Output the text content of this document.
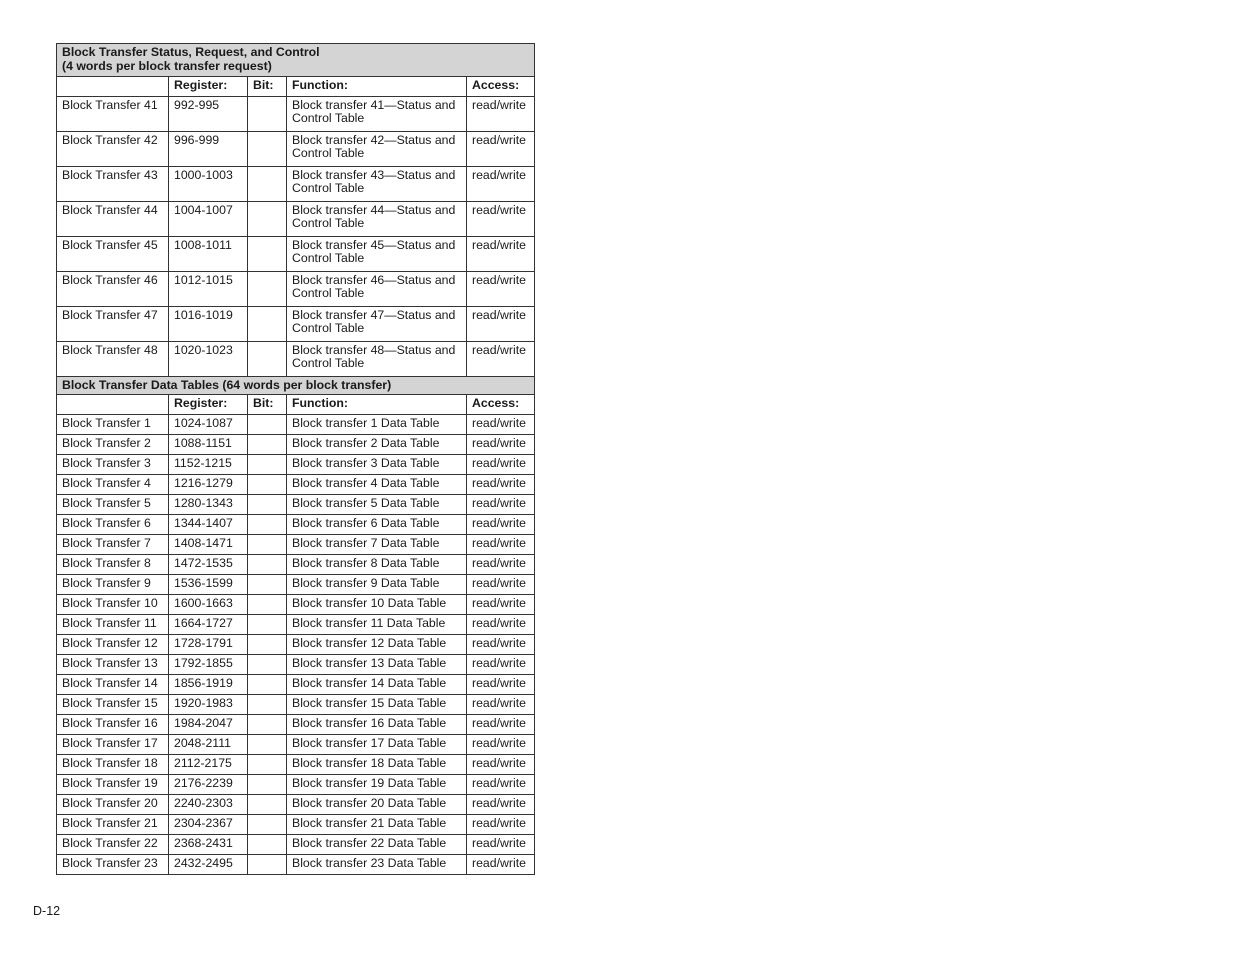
Block Transfer Status, Request, and Control
(4 words per block transfer request)				

	Register:	Bit:	Function:	Access:
Block Transfer 41	992-995		Block transfer 41—Status and Control Table	read/write
Block Transfer 42	996-999		Block transfer 42—Status and Control Table	read/write
Block Transfer 43	1000-1003		Block transfer 43—Status and Control Table	read/write
Block Transfer 44	1004-1007		Block transfer 44—Status and Control Table	read/write
Block Transfer 45	1008-1011		Block transfer 45—Status and Control Table	read/write
Block Transfer 46	1012-1015		Block transfer 46—Status and Control Table	read/write
Block Transfer 47	1016-1019		Block transfer 47—Status and Control Table	read/write
Block Transfer 48	1020-1023		Block transfer 48—Status and Control Table	read/write
Block Transfer Data Tables (64 words per block transfer)				
	Register:	Bit:	Function:	Access:
Block Transfer 1	1024-1087		Block transfer 1 Data Table	read/write
Block Transfer 2	1088-1151		Block transfer 2 Data Table	read/write
Block Transfer 3	1152-1215		Block transfer 3 Data Table	read/write
Block Transfer 4	1216-1279		Block transfer 4 Data Table	read/write
Block Transfer 5	1280-1343		Block transfer 5 Data Table	read/write
Block Transfer 6	1344-1407		Block transfer 6 Data Table	read/write
Block Transfer 7	1408-1471		Block transfer 7 Data Table	read/write
Block Transfer 8	1472-1535		Block transfer 8 Data Table	read/write
Block Transfer 9	1536-1599		Block transfer 9 Data Table	read/write
Block Transfer 10	1600-1663		Block transfer 10 Data Table	read/write
Block Transfer 11	1664-1727		Block transfer 11 Data Table	read/write
Block Transfer 12	1728-1791		Block transfer 12 Data Table	read/write
Block Transfer 13	1792-1855		Block transfer 13 Data Table	read/write
Block Transfer 14	1856-1919		Block transfer 14 Data Table	read/write
Block Transfer 15	1920-1983		Block transfer 15 Data Table	read/write
Block Transfer 16	1984-2047		Block transfer 16 Data Table	read/write
Block Transfer 17	2048-2111		Block transfer 17 Data Table	read/write
Block Transfer 18	2112-2175		Block transfer 18 Data Table	read/write
Block Transfer 19	2176-2239		Block transfer 19 Data Table	read/write
Block Transfer 20	2240-2303		Block transfer 20 Data Table	read/write
Block Transfer 21	2304-2367		Block transfer 21 Data Table	read/write
Block Transfer 22	2368-2431		Block transfer 22 Data Table	read/write
Block Transfer 23	2432-2495		Block transfer 23 Data Table	read/write
D-12
